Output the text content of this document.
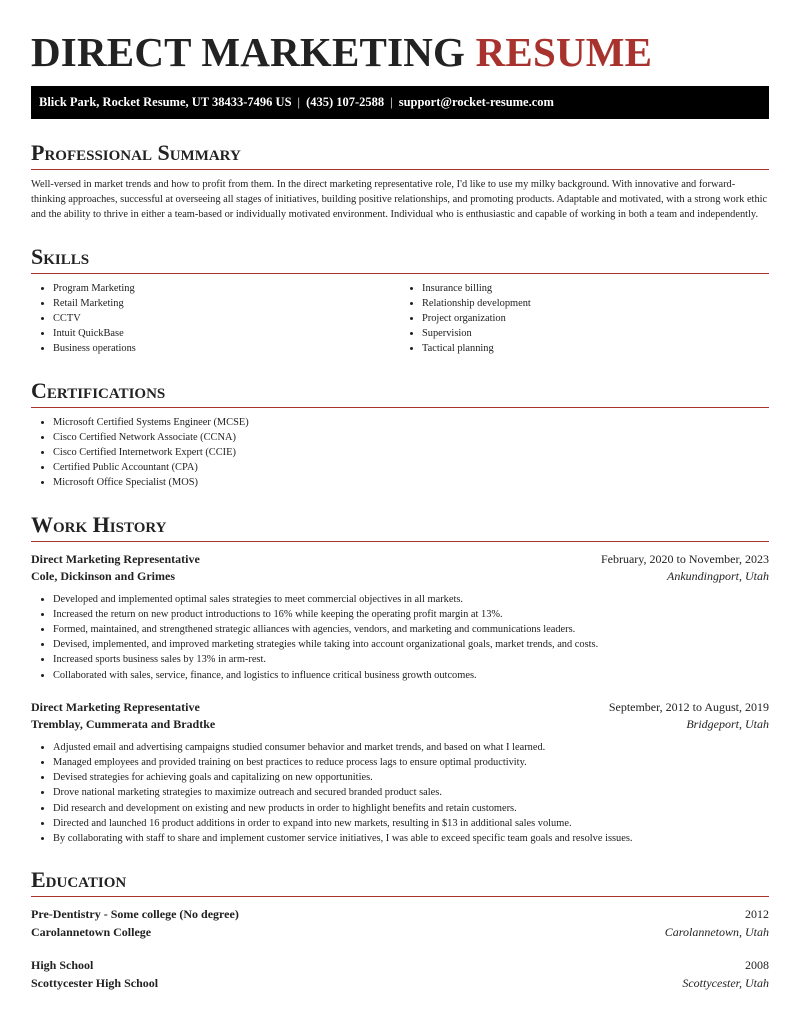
DIRECT MARKETING RESUME
Blick Park, Rocket Resume, UT 38433-7496 US | (435) 107-2588 | support@rocket-resume.com
Professional Summary

Well-versed in market trends and how to profit from them. In the direct marketing representative role, I'd like to use my milky background. With innovative and forward-thinking approaches, successful at overseeing all stages of initiatives, building positive relationships, and promoting products. Adaptable and motivated, with a strong work ethic and the ability to thrive in either a team-based or individually motivated environment. Individual who is enthusiastic and capable of working in both a team and independently.

Skills
• Program Marketing
• Retail Marketing
• CCTV
• Intuit QuickBase
• Business operations
• Insurance billing
• Relationship development
• Project organization
• Supervision
• Tactical planning
Certifications
• Microsoft Certified Systems Engineer (MCSE)
• Cisco Certified Network Associate (CCNA)
• Cisco Certified Internetwork Expert (CCIE)
• Certified Public Accountant (CPA)
• Microsoft Office Specialist (MOS)
Work History
Direct Marketing Representative	February, 2020 to November, 2023
Cole, Dickinson and Grimes	Ankundingport, Utah
• Developed and implemented optimal sales strategies to meet commercial objectives in all markets.
• Increased the return on new product introductions to 16% while keeping the operating profit margin at 13%.
• Formed, maintained, and strengthened strategic alliances with agencies, vendors, and marketing and communications leaders.
• Devised, implemented, and improved marketing strategies while taking into account organizational goals, market trends, and costs.
• Increased sports business sales by 13% in arm-rest.
• Collaborated with sales, service, finance, and logistics to influence critical business growth outcomes.
Direct Marketing Representative	September, 2012 to August, 2019
Tremblay, Cummerata and Bradtke	Bridgeport, Utah
• Adjusted email and advertising campaigns studied consumer behavior and market trends, and based on what I learned.
• Managed employees and provided training on best practices to reduce process lags to ensure optimal productivity.
• Devised strategies for achieving goals and capitalizing on new opportunities.
• Drove national marketing strategies to maximize outreach and secured branded product sales.
• Did research and development on existing and new products in order to highlight benefits and retain customers.
• Directed and launched 16 product additions in order to expand into new markets, resulting in $13 in additional sales volume.
• By collaborating with staff to share and implement customer service initiatives, I was able to exceed specific team goals and resolve issues.
Education
Pre-Dentistry - Some college (No degree)	2012
Carolannetown College	Carolannetown, Utah
High School	2008
Scottycester High School	Scottycester, Utah
